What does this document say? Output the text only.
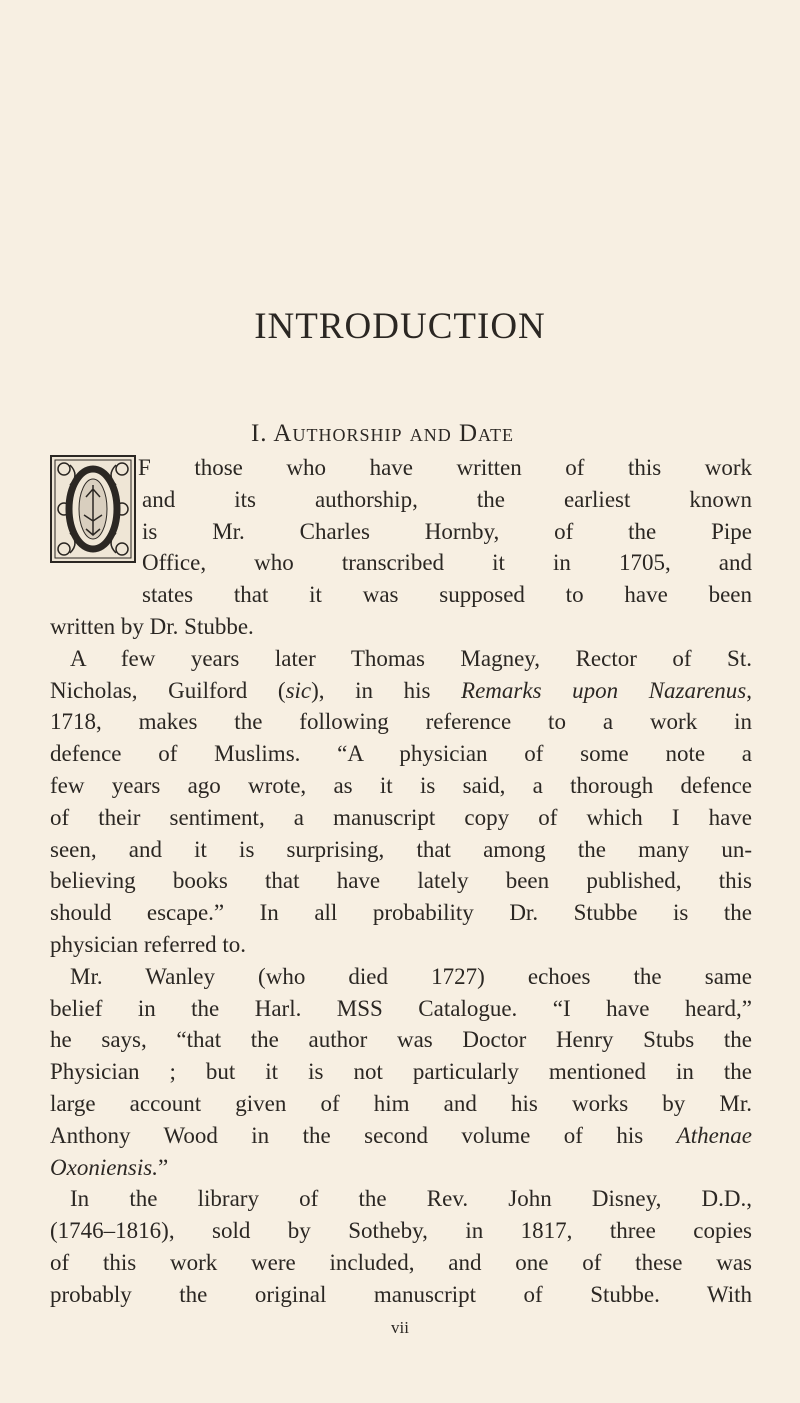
INTRODUCTION
I. Authorship and Date
F those who have written of this work
and its authorship, the earliest known
is Mr. Charles Hornby, of the Pipe
Office, who transcribed it in 1705, and
states that it was supposed to have been
written by Dr. Stubbe.
A few years later Thomas Magney, Rector of St.
Nicholas, Guilford (sic), in his Remarks upon Nazarenus,
1718, makes the following reference to a work in
defence of Muslims. “A physician of some note a
few years ago wrote, as it is said, a thorough defence
of their sentiment, a manuscript copy of which I have
seen, and it is surprising, that among the many un-
believing books that have lately been published, this
should escape.” In all probability Dr. Stubbe is the
physician referred to.
Mr. Wanley (who died 1727) echoes the same
belief in the Harl. MSS Catalogue. “I have heard,”
he says, “that the author was Doctor Henry Stubs the
Physician ; but it is not particularly mentioned in the
large account given of him and his works by Mr.
Anthony Wood in the second volume of his Athenae
Oxoniensis.”
In the library of the Rev. John Disney, D.D.,
(1746–1816), sold by Sotheby, in 1817, three copies
of this work were included, and one of these was
probably the original manuscript of Stubbe. With
vii
